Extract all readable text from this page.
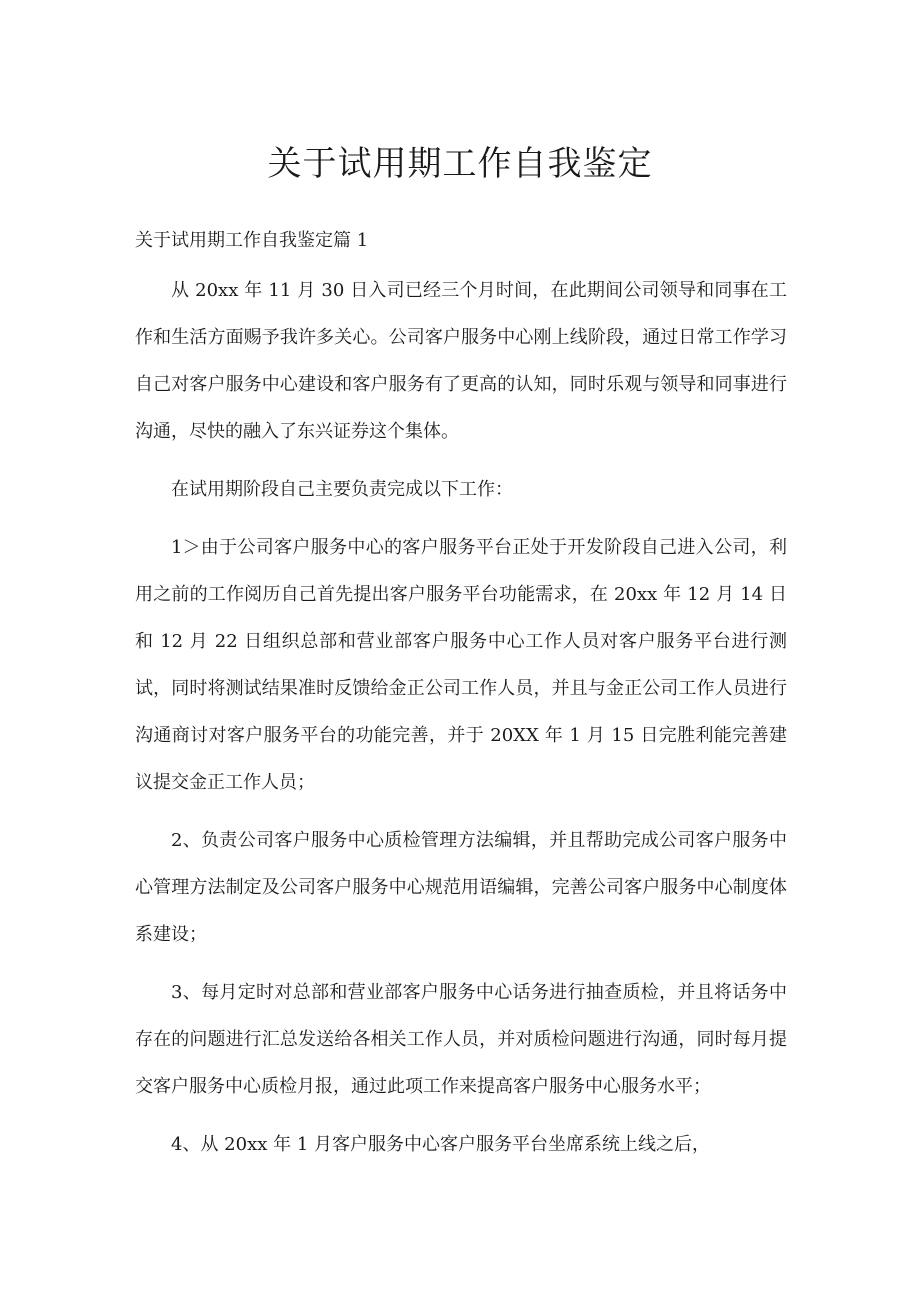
关于试用期工作自我鉴定
关于试用期工作自我鉴定篇 1

从 20xx 年 11 月 30 日入司已经三个月时间，在此期间公司领导和同事在工作和生活方面赐予我许多关心。公司客户服务中心刚上线阶段，通过日常工作学习自己对客户服务中心建设和客户服务有了更高的认知，同时乐观与领导和同事进行沟通，尽快的融入了东兴证券这个集体。

在试用期阶段自己主要负责完成以下工作：

1＞由于公司客户服务中心的客户服务平台正处于开发阶段自己进入公司，利用之前的工作阅历自己首先提出客户服务平台功能需求，在 20xx 年 12 月 14 日和 12 月 22 日组织总部和营业部客户服务中心工作人员对客户服务平台进行测试，同时将测试结果准时反馈给金正公司工作人员，并且与金正公司工作人员进行沟通商讨对客户服务平台的功能完善，并于 20XX 年 1 月 15 日完胜利能完善建议提交金正工作人员；

2、负责公司客户服务中心质检管理方法编辑，并且帮助完成公司客户服务中心管理方法制定及公司客户服务中心规范用语编辑，完善公司客户服务中心制度体系建设；

3、每月定时对总部和营业部客户服务中心话务进行抽查质检，并且将话务中存在的问题进行汇总发送给各相关工作人员，并对质检问题进行沟通，同时每月提交客户服务中心质检月报，通过此项工作来提高客户服务中心服务水平；

4、从 20xx 年 1 月客户服务中心客户服务平台坐席系统上线之后，
